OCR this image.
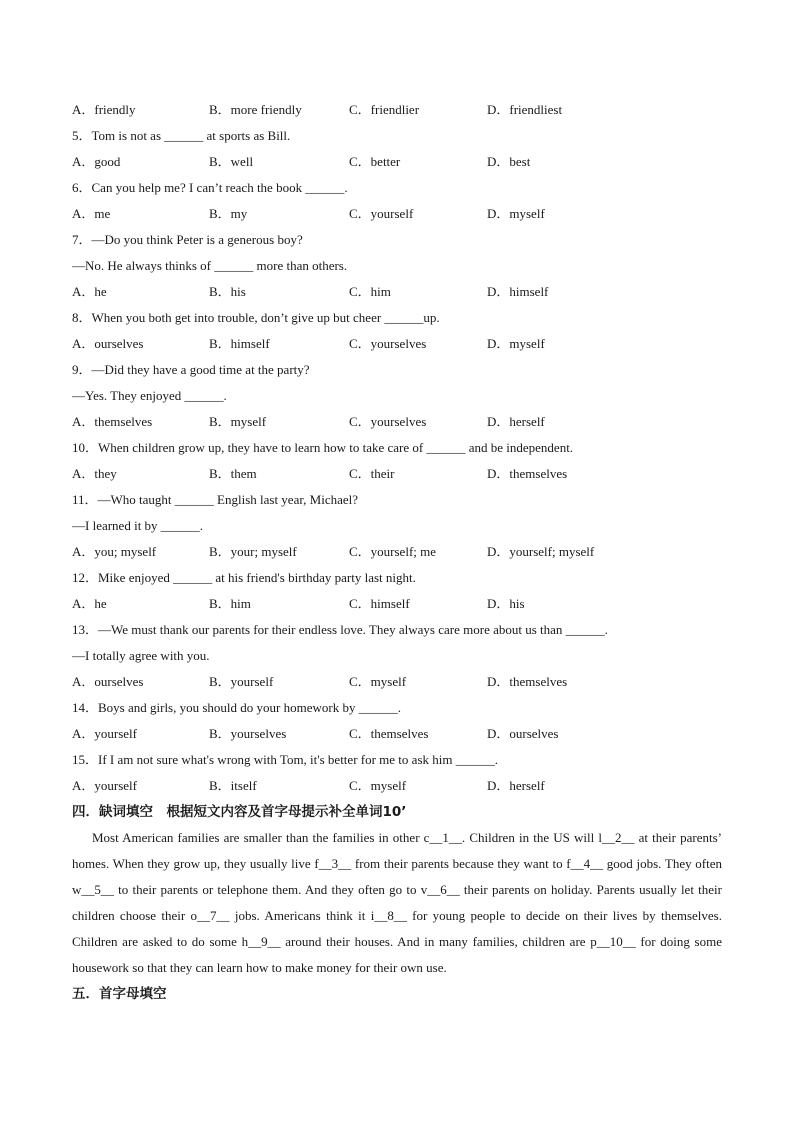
A．friendly	B．more friendly	C．friendlier	D．friendliest
5．Tom is not as ______ at sports as Bill.
A．good	B．well	C．better	D．best
6．Can you help me? I can’t reach the book ______.
A．me	B．my	C．yourself	D．myself
7．—Do you think Peter is a generous boy?
—No. He always thinks of ______ more than others.
A．he	B．his	C．him	D．himself
8．When you both get into trouble, don’t give up but cheer ______up.
A．ourselves	B．himself	C．yourselves	D．myself
9．—Did they have a good time at the party?
—Yes. They enjoyed ______.
A．themselves	B．myself	C．yourselves	D．herself
10．When children grow up, they have to learn how to take care of ______ and be independent.
A．they	B．them	C．their	D．themselves
11．—Who taught ______ English last year, Michael?
—I learned it by ______.
A．you; myself	B．your; myself	C．yourself; me	D．yourself; myself
12．Mike enjoyed ______ at his friend's birthday party last night.
A．he	B．him	C．himself	D．his
13．—We must thank our parents for their endless love. They always care more about us than ______.
—I totally agree with you.
A．ourselves	B．yourself	C．myself	D．themselves
14．Boys and girls, you should do your homework by ______.
A．yourself	B．yourselves	C．themselves	D．ourselves
15．If I am not sure what's wrong with Tom, it's better for me to ask him ______.
A．yourself	B．itself	C．myself	D．herself
四．缺词填空　根据短文内容及首字母提示补全单词10’
Most American families are smaller than the families in other c__1__. Children in the US will l__2__ at their parents’ homes. When they grow up, they usually live f__3__ from their parents because they want to f__4__ good jobs. They often w__5__ to their parents or telephone them. And they often go to v__6__ their parents on holiday. Parents usually let their children choose their o__7__ jobs. Americans think it i__8__ for young people to decide on their lives by themselves. Children are asked to do some h__9__ around their houses. And in many families, children are p__10__ for doing some housework so that they can learn how to make money for their own use.
五．首字母填空
